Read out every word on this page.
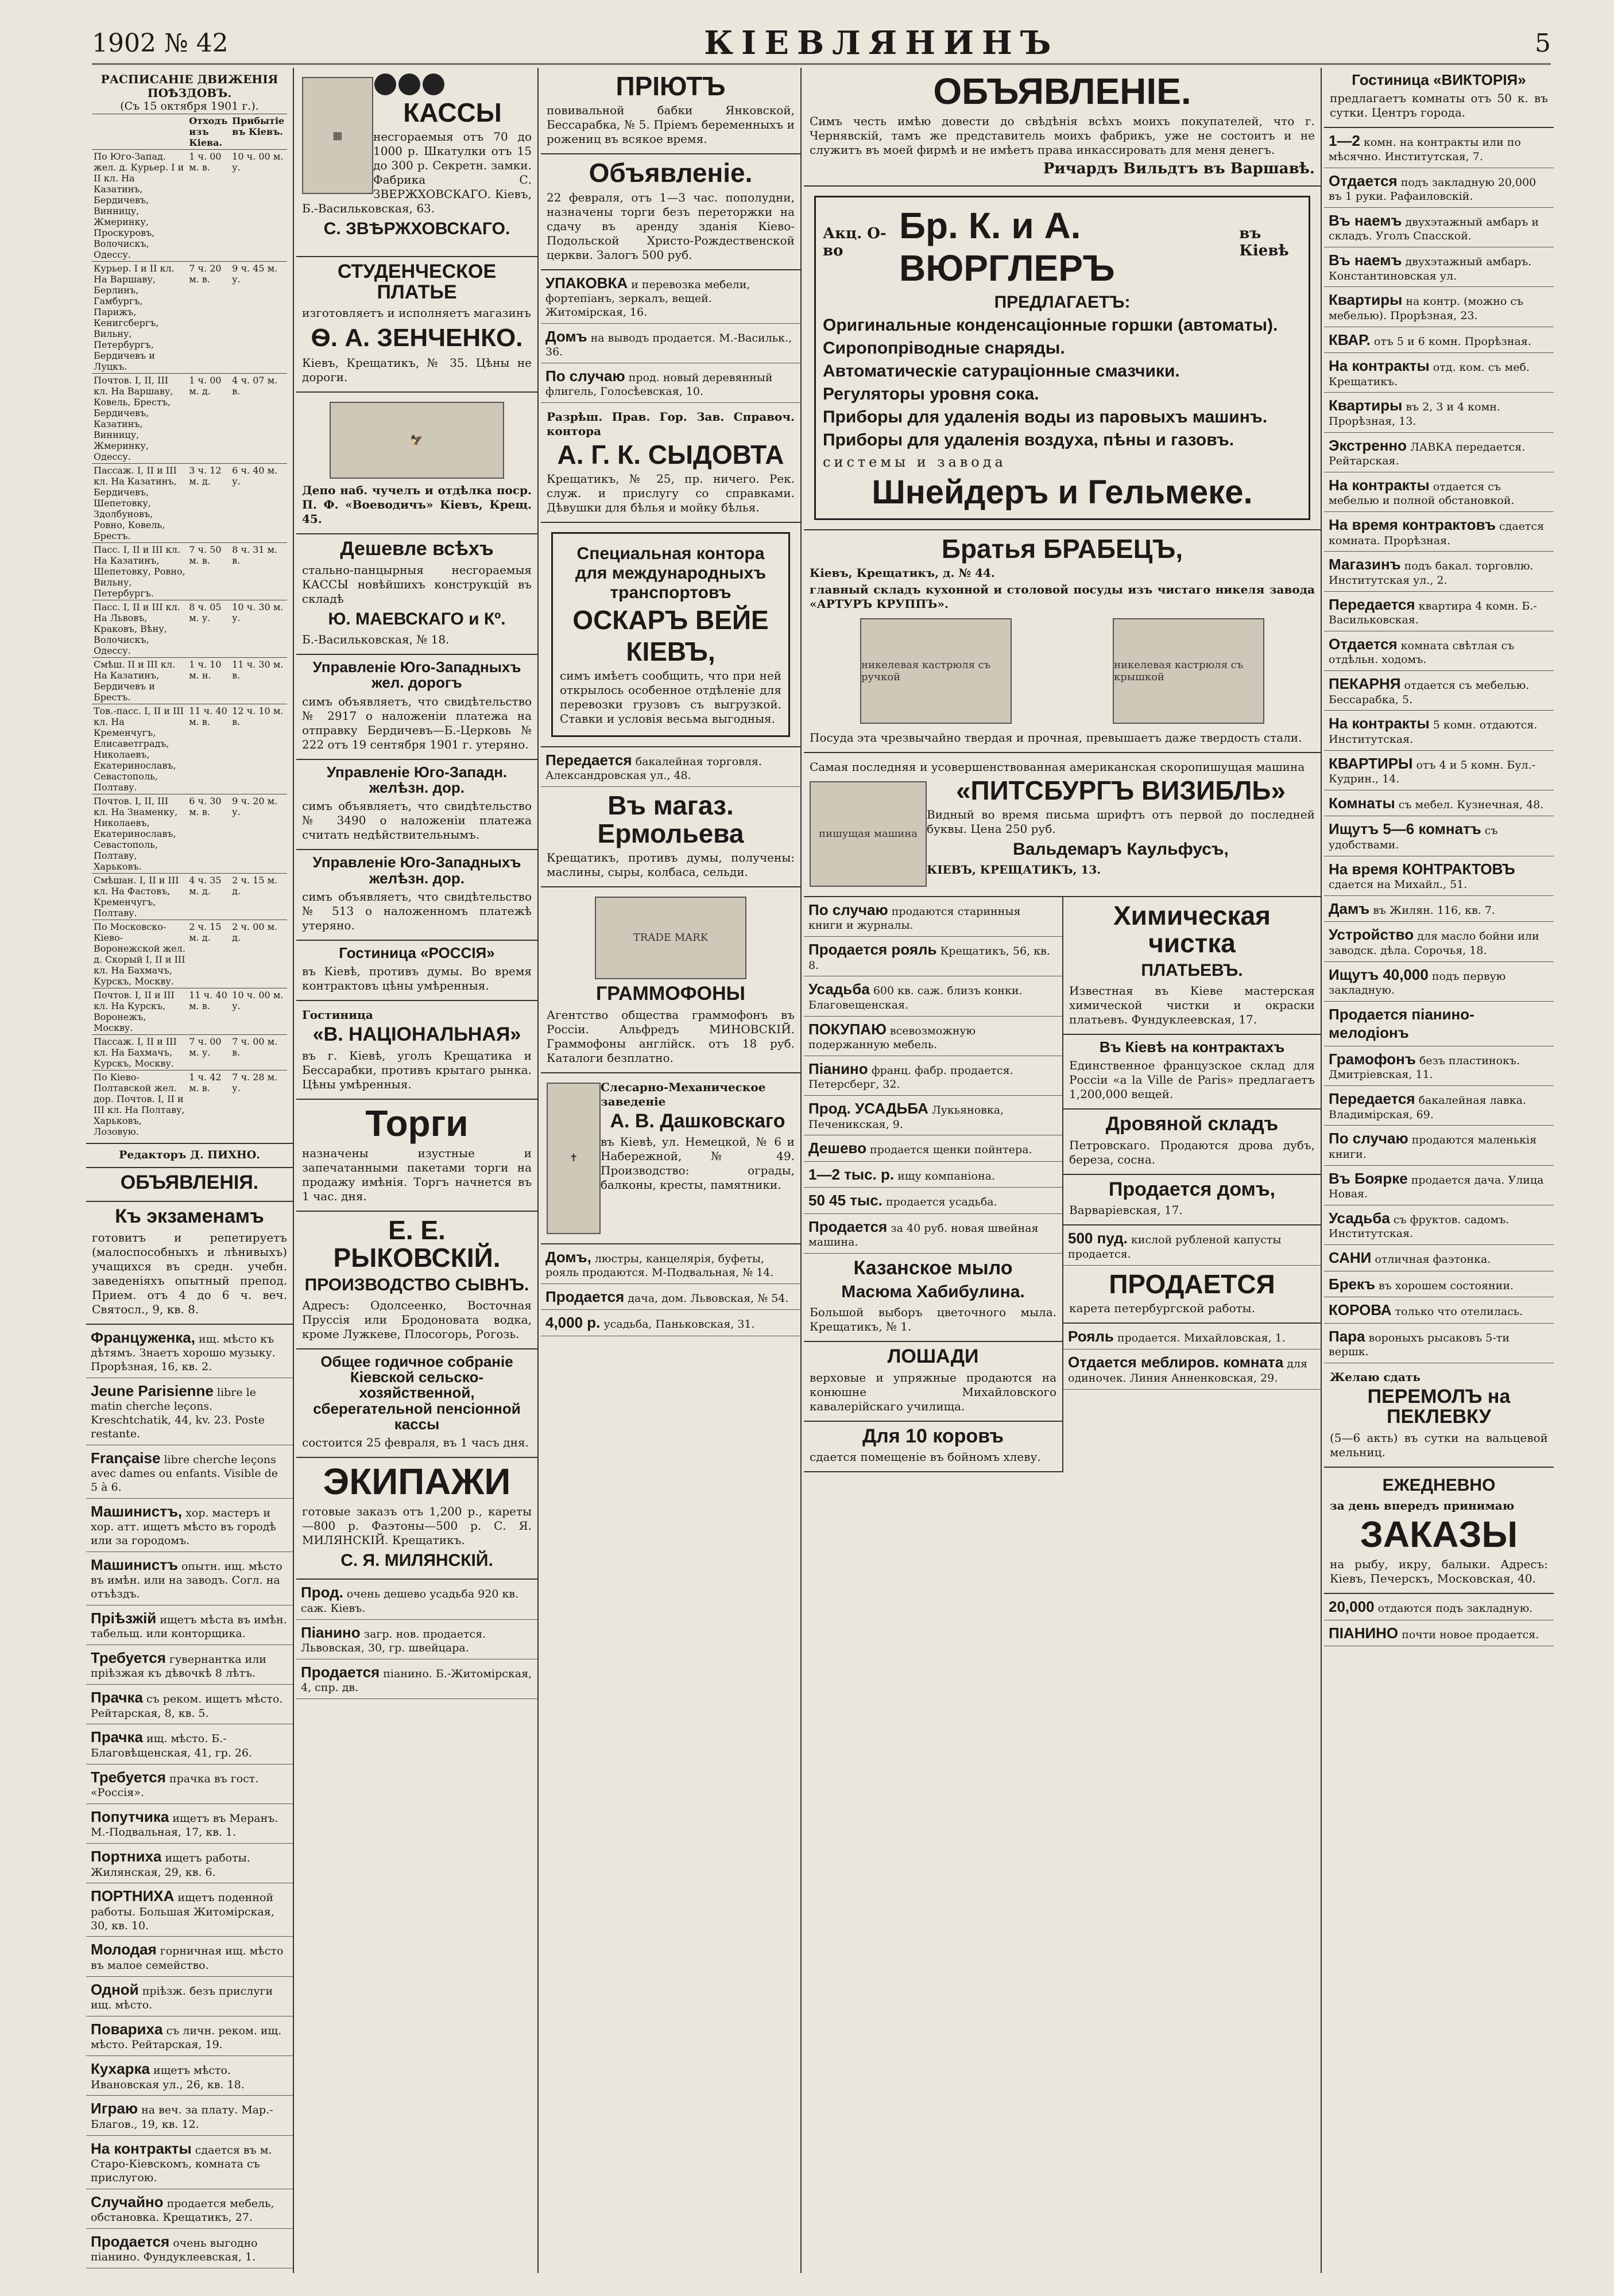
1902 № 42	КІЕВЛЯНИНЪ	5
РАСПИСАНІЕ ДВИЖЕНІЯ ПОѢЗДОВЪ.
(Съ 15 октября 1901 г.).
	Отходъ изъ Кіева.	Прибытіе въ Кіевъ.
По Юго-Запад. жел. д. Курьер. I и II кл. На Казатинъ, Бердичевъ, Винницу, Жмеринку, Проскуровъ, Волочискъ, Одессу.	1 ч. 00 м. в.	10 ч. 00 м. у.
Курьер. I и II кл. На Варшаву, Берлинъ, Гамбургъ, Парижъ, Кенигсбергъ, Вильну, Петербургъ, Бердичевъ и Луцкъ.	7 ч. 20 м. в.	9 ч. 45 м. у.
Почтов. I, II, III кл. На Варшаву, Ковель, Брестъ, Бердичевъ, Казатинъ, Винницу, Жмеринку, Одессу.	1 ч. 00 м. д.	4 ч. 07 м. в.
Пассаж. I, II и III кл. На Казатинъ, Бердичевъ, Шепетовку, Здолбуновъ, Ровно, Ковель, Брестъ.	3 ч. 12 м. д.	6 ч. 40 м. у.
Пасс. I, II и III кл. На Казатинъ, Шепетовку, Ровно, Вильну, Петербургъ.	7 ч. 50 м. в.	8 ч. 31 м. в.
Пасс. I, II и III кл. На Львовъ, Краковъ, Вѣну, Волочискъ, Одессу.	8 ч. 05 м. у.	10 ч. 30 м. у.
Смѣш. II и III кл. На Казатинъ, Бердичевъ и Брестъ.	1 ч. 10 м. н.	11 ч. 30 м. в.
Тов.-пасс. I, II и III кл. На Кременчугъ, Елисаветградъ, Николаевъ, Екатеринославъ, Севастополь, Полтаву.	11 ч. 40 м. в.	12 ч. 10 м. в.
Почтов. I, II, III кл. На Знаменку, Николаевъ, Екатеринославъ, Севастополь, Полтаву, Харьковъ.	6 ч. 30 м. в.	9 ч. 20 м. у.
Смѣшан. I, II и III кл. На Фастовъ, Кременчугъ, Полтаву.	4 ч. 35 м. д.	2 ч. 15 м. д.
По Московско-Кіево-Воронежской жел. д. Скорый I, II и III кл. На Бахмачъ, Курскъ, Москву.	2 ч. 15 м. д.	2 ч. 00 м. д.
Почтов. I, II и III кл. На Курскъ, Воронежъ, Москву.	11 ч. 40 м. в.	10 ч. 00 м. у.
Пассаж. I, II и III кл. На Бахмачъ, Курскъ, Москву.	7 ч. 00 м. у.	7 ч. 00 м. в.
По Кіево-Полтавской жел. дор. Почтов. I, II и III кл. На Полтаву, Харьковъ, Лозовую.	1 ч. 42 м. в.	7 ч. 28 м. у.
Редакторъ Д. ПИХНО.
ОБЪЯВЛЕНІЯ.
Къ экзаменамъ

готовитъ и репетируетъ (малоспособныхъ и лѣнивыхъ) учащихся въ средн. учебн. заведеніяхъ опытный препод. Прием. отъ 4 до 6 ч. веч. Святосл., 9, кв. 8.

Француженка, ищ. мѣсто къ дѣтямъ. Знаетъ хорошо музыку. Прорѣзная, 16, кв. 2.
Jeune Parisienne libre le matin cherche leçons. Kreschtchatik, 44, kv. 23. Poste restante.
Française libre cherche leçons avec dames ou enfants. Visible de 5 à 6.
Машинистъ, хор. мастеръ и хор. атт. ищетъ мѣсто въ городѣ или за городомъ.
Машинистъ опытн. ищ. мѣсто въ имѣн. или на заводъ. Согл. на отъѣздъ.
Пріѣзжій ищетъ мѣста въ имѣн. табельщ. или конторщика.
Требуется гувернантка или пріѣзжая къ дѣвочкѣ 8 лѣтъ.
Прачка съ реком. ищетъ мѣсто. Рейтарская, 8, кв. 5.
Прачка ищ. мѣсто. Б.-Благовѣщенская, 41, гр. 26.
Требуется прачка въ гост. «Россія».
Попутчика ищетъ въ Меранъ. М.-Подвальная, 17, кв. 1.
Портниха ищетъ работы. Жилянская, 29, кв. 6.
ПОРТНИХА ищетъ поденной работы. Большая Житомірская, 30, кв. 10.
Молодая горничная ищ. мѣсто въ малое семейство.
Одной пріѣзж. безъ прислуги ищ. мѣсто.
Повариха съ личн. реком. ищ. мѣсто. Рейтарская, 19.
Кухарка ищетъ мѣсто. Ивановская ул., 26, кв. 18.
Играю на веч. за плату. Мар.-Благов., 19, кв. 12.
На контракты сдается въ м. Старо-Кіевскомъ, комната съ прислугою.
Случайно продается мебель, обстановка. Крещатикъ, 27.
Продается очень выгодно пiанино. Фундуклеевская, 1.
▦
КАССЫ

несгораемыя отъ 70 до 1000 р. Шкатулки отъ 15 до 300 р. Секретн. замки. Фабрика С. ЗВЕРЖХОВСКАГО. Кіевъ, Б.-Васильковская, 63.

С. ЗВѢРЖХОВСКАГО.
СТУДЕНЧЕСКОЕ ПЛАТЬЕ

изготовляетъ и исполняетъ магазинъ

Ѳ. А. ЗЕНЧЕНКО.

Кіевъ, Крещатикъ, № 35. Цѣны не дороги.

🦅

Депо наб. чучелъ и отдѣлка поср. П. Ф. «Воеводичъ» Кіевъ, Крещ. 45.

Дешевле всѣхъ

стально-панцырныя несгораемыя КАССЫ новѣйшихъ конструкцій въ складѣ

Ю. МАЕВСКАГО и Кº.

Б.-Васильковская, № 18.

Управленіе Юго-Западныхъ жел. дорогъ

симъ объявляетъ, что свидѣтельство № 2917 о наложеніи платежа на отправку Бердичевъ—Б.-Церковь № 222 отъ 19 сентября 1901 г. утеряно.

Управленіе Юго-Западн. желѣзн. дор.

симъ объявляетъ, что свидѣтельство № 3490 о наложеніи платежа считать недѣйствительнымъ.

Управленіе Юго-Западныхъ желѣзн. дор.

симъ объявляетъ, что свидѣтельство № 513 о наложенномъ платежѣ утеряно.

Гостиница «РОССІЯ»

въ Кіевѣ, противъ думы. Во время контрактовъ цѣны умѣренныя.

Гостиница

«В. НАЦІОНАЛЬНАЯ»

въ г. Кіевѣ, уголъ Крещатика и Бессарабки, противъ крытаго рынка. Цѣны умѣренныя.

Торги

назначены изустные и запечатанными пакетами торги на продажу имѣнія. Торгъ начнется въ 1 час. дня.

Е. Е. РЫКОВСКІЙ.
ПРОИЗВОДСТВО СЫВНЪ.

Адресъ: Одолсеенко, Восточная Пруссія или Бродоновата водка, кроме Лужкеве, Плосогорь, Рогозь.

Общее годичное собраніе Кіевской сельско-хозяйственной, сберегательной пенсіонной кассы

состоится 25 февраля, въ 1 часъ дня.

ЭКИПАЖИ

готовые заказъ отъ 1,200 р., кареты—800 р. Фаэтоны—500 р. С. Я. МИЛЯНСКІЙ. Крещатикъ.

С. Я. МИЛЯНСКІЙ.
Прод. очень дешево усадьба 920 кв. саж. Кіевъ.
Піанино загр. нов. продается. Львовская, 30, гр. швейцара.
Продается пiанино. Б.-Житомірская, 4, спр. дв.
ПРІЮТЪ

повивальной бабки Янковской, Бессарабка, № 5. Пріемъ беременныхъ и рожениц въ всякое время.

Объявленіе.

22 февраля, отъ 1—3 час. пополудни, назначены торги безъ переторжки на сдачу въ аренду зданія Кіево-Подольской Христо-Рождественской церкви. Залогъ 500 руб.

УПАКОВКА и перевозка мебели, фортепіанъ, зеркалъ, вещей. Житомірская, 16.
Домъ на выводъ продается. М.-Васильк., 36.
По случаю прод. новый деревянный флигель, Голосѣевская, 10.

Разрѣш. Прав. Гор. Зав. Справоч. контора

А. Г. К. СЫДОВТА

Крещатикъ, № 25, пр. ничего. Рек. служ. и прислугу со справками. Дѣвушки для бѣлья и мойку бѣлья.

Специальная контора для международныхъ транспортовъ
ОСКАРЪ ВЕЙЕ
КІЕВЪ,

симъ имѣетъ сообщить, что при ней открылось особенное отдѣленіе для перевозки грузовъ съ выгрузкой. Ставки и условія весьма выгодныя.

Передается бакалейная торговля. Александровская ул., 48.
Въ магаз. Ермольева

Крещатикъ, противъ думы, получены: маслины, сыры, колбаса, сельди.

TRADE MARK
ГРАММОФОНЫ

Агентство общества граммофонъ въ Россіи. Альфредъ МИНОВСКІЙ. Граммофоны англійск. отъ 18 руб. Каталоги безплатно.

✝

Слесарно-Механическое заведеніе

А. В. Дашковскаго

въ Кіевѣ, ул. Немецкой, № 6 и Набережной, № 49. Производство: ограды, балконы, кресты, памятники.

Домъ, люстры, канцелярія, буфеты, рояль продаются. М-Подвальная, № 14.
Продается дача, дом. Львовская, № 54.
4,000 р. усадьба, Паньковская, 31.
ОБЪЯВЛЕНІЕ.

Симъ честь имѣю довести до свѣдѣнія всѣхъ моихъ покупателей, что г. Чернявскій, тамъ же представитель моихъ фабрикъ, уже не состоитъ и не служитъ въ моей фирмѣ и не имѣетъ права инкассировать для меня денегъ.

Ричардъ Вильдтъ въ Варшавѣ.

Акц. О-во
Бр. К. и А. ВЮРГЛЕРЪ
въ Кіевѣ
ПРЕДЛАГАЕТЪ:
Оригинальные конденсаціонные горшки (автоматы).
Сиропопріводные снаряды.
Автоматическіе сатураціонные смазчики.
Регуляторы уровня сока.
Приборы для удаленія воды из паровыхъ машинъ.
Приборы для удаленія воздуха, пѣны и газовъ.

системы и завода

Шнейдеръ и Гельмеке.
Братья БРАБЕЦЪ,

Кіевъ, Крещатикъ, д. № 44.

главный складъ кухонной и столовой посуды изъ чистаго никеля завода «АРТУРЪ КРУППЪ».

никелевая кастрюля съ ручкой
никелевая кастрюля съ крышкой

Посуда эта чрезвычайно твердая и прочная, превышаетъ даже твердость стали.

Самая последняя и усовершенствованная американская скоропишущая машина

пишущая машина
«ПИТСБУРГЪ ВИЗИБЛЬ»

Видный во время письма шрифтъ отъ первой до последней буквы. Цена 250 руб.

Вальдемаръ Каульфусъ,

КІЕВЪ, КРЕЩАТИКЪ, 13.

По случаю продаются старинныя книги и журналы.
Продается рояль Крещатикъ, 56, кв. 8.
Усадьба 600 кв. саж. близъ конки. Благовещенская.
ПОКУПАЮ всевозможную подержанную мебель.
Піанино франц. фабр. продается. Петерсберг, 32.
Прод. УСАДЬБА Лукьяновка, Печеникская, 9.
Дешево продается щенки пойнтера.
1—2 тыс. р. ищу компаніона.
50 45 тыс. продается усадьба.
Продается за 40 руб. новая швейная машина.
Казанское мыло
Масюма Хабибулина.

Большой выборъ цветочного мыла. Крещатикъ, № 1.

ЛОШАДИ

верховые и упряжные продаются на конюшне Михайловского кавалерійскаго училища.

Для 10 коровъ

сдается помещеніе въ бойномъ хлеву.

Химическая чистка
ПЛАТЬЕВЪ.

Известная въ Кіеве мастерская химической чистки и окраски платьевъ. Фундуклеевская, 17.

Въ Кіевѣ на контрактахъ

Единственное французское склад для Россіи «a la Ville de Paris» предлагаетъ 1,200,000 вещей.

Дровяной складъ

Петровскаго. Продаются дрова дубъ, береза, сосна.

Продается домъ,

Варваріевская, 17.

500 пуд. кислой рубленой капусты продается.
ПРОДАЕТСЯ

карета петербургской работы.

Рояль продается. Михайловская, 1.
Отдается меблиров. комната для одиночек. Линия Анненковская, 29.
Гостиница «ВИКТОРІЯ»

предлагаетъ комнаты отъ 50 к. въ сутки. Центръ города.

1—2 комн. на контракты или по мѣсячно. Институтская, 7.
Отдается подъ закладную 20,000 въ 1 руки. Рафаиловскій.
Въ наемъ двухэтажный амбаръ и складъ. Уголъ Спасской.
Въ наемъ двухэтажный амбаръ. Константиновская ул.
Квартиры на контр. (можно съ мебелью). Прорѣзная, 23.
КВАР. отъ 5 и 6 комн. Прорѣзная.
На контракты отд. ком. съ меб. Крещатикъ.
Квартиры въ 2, 3 и 4 комн. Прорѣзная, 13.
Экстренно ЛАВКА передается. Рейтарская.
На контракты отдается съ мебелью и полной обстановкой.
На время контрактовъ сдается комната. Прорѣзная.
Магазинъ подъ бакал. торговлю. Институтская ул., 2.
Передается квартира 4 комн. Б.-Васильковская.
Отдается комната свѣтлая съ отдѣльн. ходомъ.
ПЕКАРНЯ отдается съ мебелью. Бессарабка, 5.
На контракты 5 комн. отдаются. Институтская.
КВАРТИРЫ отъ 4 и 5 комн. Бул.-Кудрин., 14.
Комнаты съ мебел. Кузнечная, 48.
Ищутъ 5—6 комнатъ съ удобствами.
На время КОНТРАКТОВЪ сдается на Михайл., 51.
Дамъ въ Жилян. 116, кв. 7.
Устройство для масло бойни или заводск. дѣла. Сорочья, 18.
Ищутъ 40,000 подъ первую закладную.
Продается піанино-мелодіонъ
Грамофонъ безъ пластинокъ. Дмитріевская, 11.
Передается бакалейная лавка. Владимірская, 69.
По случаю продаются маленькія книги.
Въ Боярке продается дача. Улица Новая.
Усадьба съ фруктов. садомъ. Институтская.
САНИ отличная фаэтонка.
Брекъ въ хорошем состоянии.
КОРОВА только что отелилась.
Пара вороныхъ рысаковъ 5-ти вершк.

Желаю сдать

ПЕРЕМОЛЪ на ПЕКЛЕВКУ

(5—6 акть) въ сутки на вальцевой мельниц.

ЕЖЕДНЕВНО

за день впередъ принимаю

ЗАКАЗЫ

на рыбу, икру, балыки. Адресъ: Кіевъ, Печерскъ, Московская, 40.

20,000 отдаются подъ закладную.
ПІАНИНО почти новое продается.
